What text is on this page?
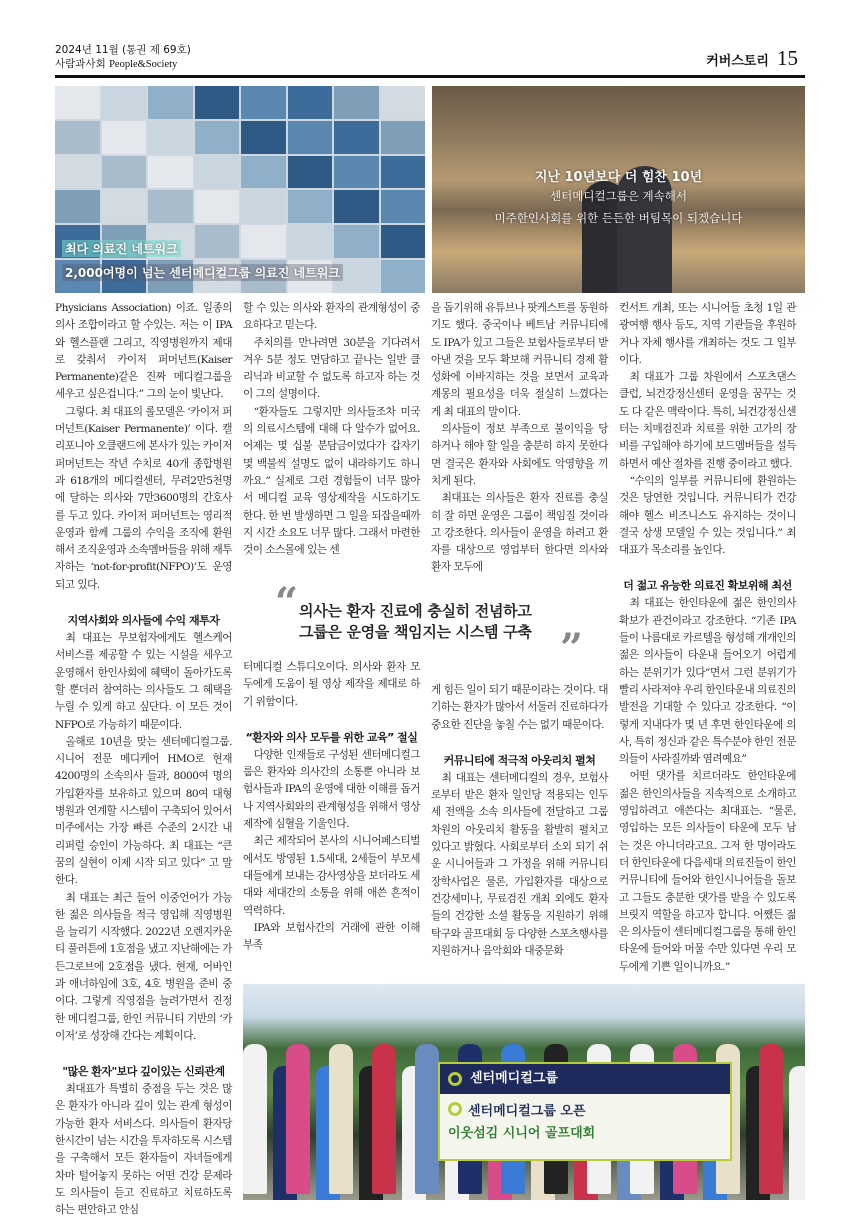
2024년 11월 (통권 제 69호)
사람과사회 People&Society	커버스토리 15
최다 의료진 네트워크
2,000여명이 넘는 센터메디컬그룹 의료진 네트워크
지난 10년보다 더 힘찬 10년
센터메디컬그룹은 계속해서
미주한인사회를 위한 든든한 버팀목이 되겠습니다

Physicians Association) 이죠. 일종의 의사 조합이라고 할 수있는. 저는 이 IPA와 헬스플랜 그리고, 직영병원까지 제대로 갖춰서 카이저 퍼머넌트(Kaiser Permanente)같은 진짜 메디컬그룹을 세우고 싶은겁니다.” 그의 눈이 빛난다.

그렇다. 최 대표의 롤모델은 ‘카이저 퍼머넌트(Kaiser Permanente)’ 이다. 캘리포니아 오클랜드에 본사가 있는 카이저 퍼머넌트는 작년 수치로 40개 종합병원과 618개의 메디컬센터, 무려2만5천명에 달하는 의사와 7만3600명의 간호사를 두고 있다. 카이저 퍼머넌트는 영리적 운영과 함께 그룹의 수익을 조직에 환원해서 조직운영과 소속멤버들을 위해 재투자하는 ‘not-for-profit(NFPO)’도 운영되고 있다.

지역사회와 의사들에 수익 재투자

최 대표는 무보험자에게도 헬스케어 서비스를 제공할 수 있는 시설을 세우고 운영해서 한인사회에 혜택이 돌아가도록 할 뿐더러 참여하는 의사들도 그 혜택을 누릴 수 있게 하고 싶단다. 이 모든 것이NFPO로 가능하기 때문이다.

올해로 10년을 맞는 센터메디컬그룹. 시니어 전문 메디케어 HMO로 현재 4200명의 소속의사 들과, 8000여 명의 가입환자를 보유하고 있으며 80여 대형병원과 연계할 시스템이 구축되어 있어서 미주에서는 가장 빠른 수준의 2시간 내 리퍼럴 승인이 가능하다. 최 대표는 “큰 꿈의 실현이 이제 시작 되고 있다” 고 말한다.

최 대표는 최근 들어 이중언어가 가능한 젊은 의사들을 적극 영입해 직영병원을 늘리기 시작했다. 2022년 오렌지카운티 풀러튼에 1호점을 냈고 지난해에는 가든그로브에 2호점을 냈다. 현재, 어바인과 애너하임에 3호, 4호 병원을 준비 중이다. 그렇게 직영점을 늘려가면서 진정한 메디컬그룹, 한인 커뮤니티 기반의 ‘카이저’로 성장해 간다는 계획이다.

"많은 환자"보다 깊이있는 신뢰관계

최대표가 특별히 중점을 두는 것은 많은 환자가 아니라 깊이 있는 관계 형성이 가능한 환자 서비스다. 의사들이 환자당 한시간이 넘는 시간을 투자하도록 시스템을 구축해서 모든 환자들이 자녀들에게 차마 털어놓지 못하는 어떤 건강 문제라도 의사들이 듣고 진료하고 치료하도록 하는 편안하고 안심

할 수 있는 의사와 환자의 관계형성이 중요하다고 믿는다.

주치의를 만나려면 30분을 기다려서 겨우 5분 정도 면담하고 끝나는 일반 클리닉과 비교할 수 없도록 하고자 하는 것이 그의 설명이다.

“환자들도 그렇지만 의사들조차 미국의 의료시스템에 대해 다 알수가 없어요. 어제는 몇 십불 분담금이었다가 갑자기 몇 백불씩 설명도 없이 내라하기도 하니까요.” 실제로 그런 경험들이 너무 많아서 메디컬 교육 영상제작을 시도하기도 한다. 한 번 발생하면 그 일을 되잡을때까지 시간 소요도 너무 많다. 그래서 마련한 것이 소스몰에 있는 센

을 돕기위해 유튜브나 팟케스트를 동원하기도 했다. 중국이나 베트남 커뮤니티에도 IPA가 있고 그들은 보험사들로부터 받아낸 것을 모두 확보해 커뮤니티 경제 활성화에 이바지하는 것을 보면서 교육과 계몽의 필요성을 더욱 절실히 느꼈다는 게 최 대표의 말이다.

의사들이 정보 부족으로 불이익을 당하거나 해야 할 일을 충분히 하지 못한다면 결국은 환자와 사회에도 악영향을 끼치게 된다.

최대표는 의사들은 환자 진료를 충실히 잘 하면 운영은 그룹이 책임질 것이라고 강조한다. 의사들이 운영을 하려고 환자를 대상으로 영업부터 한다면 의사와 환자 모두에

“ 의사는 환자 진료에 충실히 전념하고
그룹은 운영을 책임지는 시스템 구축 ”

터메디컬 스튜디오이다. 의사와 환자 모두에게 도움이 될 영상 제작을 제대로 하기 위함이다.

“환자와 의사 모두를 위한 교육” 절실

다양한 인재들로 구성된 센터메디컬그룹은 환자와 의사간의 소통뿐 아니라 보험사들과 IPA의 운영에 대한 이해를 돕거나 지역사회와의 관계형성을 위해서 영상제작에 심혈을 기울인다.

최근 제작되어 본사의 시니어페스티벌에서도 방영된 1.5세대, 2세들이 부모세대들에게 보내는 감사영상을 보더라도 세대와 세대간의 소통을 위해 애쓴 흔적이 역력하다.

IPA와 보험사간의 거래에 관한 이해 부족

게 힘든 일이 되기 때문이라는 것이다. 대기하는 환자가 많아서 서둘러 진료하다가 중요한 진단을 놓칠 수는 없기 때문이다.

커뮤니티에 적극적 아웃리치 펼쳐

최 대표는 센터메디컬의 경우, 보험사로부터 받은 환자 일인당 적용되는 인두세 전액을 소속 의사들에 전달하고 그룹차원의 아웃리치 활동을 활발히 펼치고 있다고 밝혔다. 사회로부터 소외 되기 쉬운 시니어들과 그 가정을 위해 커뮤니티 장학사업은 물론, 가입환자를 대상으로 건강세미나, 무료검진 개최 외에도 환자들의 건강한 소셜 활동을 지원하기 위해 탁구와 골프대회 등 다양한 스포츠행사를 지원하거나 음악회와 대중문화

컨서트 개최, 또는 시니어들 초청 1일 관광여행 행사 등도, 지역 기관들을 후원하거나 자체 행사를 개최하는 것도 그 일부이다.

최 대표가 그룹 차원에서 스포츠댄스클럽, 뇌건강정신센터 운영을 꿈꾸는 것도 다 같은 맥락이다. 특히, 뇌건강정신센터는 치매검진과 치료를 위한 고가의 장비를 구입해야 하기에 보드멤버들을 설득하면서 예산 절차를 진행 중이라고 했다.

“수익의 일부를 커뮤니티에 환원하는 것은 당연한 것입니다. 커뮤니티가 건강해야 헬스 비즈니스도 유지하는 것이니 결국 상생 모델일 수 있는 것입니다.” 최대표가 목소리를 높인다.

더 젊고 유능한 의료진 확보위해 최선

최 대표는 한인타운에 젊은 한인의사 확보가 관건이라고 강조한다. “기존 IPA들이 나름대로 카르텔을 형성해 개개인의 젊은 의사들이 타운내 들어오기 어렵게 하는 분위기가 있다”면서 그런 분위기가 빨리 사라져야 우리 한인타운내 의료진의 발전을 기대할 수 있다고 강조한다. “이렇게 지내다가 몇 년 후면 한인타운에 의사, 특히 정신과 같은 특수분야 한인 전문의들이 사라질까봐 염려예요”

어떤 댓가를 치르더라도 한인타운에 젊은 한인의사들을 지속적으로 소개하고 영입하려고 애쓴다는 최대표는. “물론, 영입하는 모든 의사들이 타운에 모두 남는 것은 아니더라고요. 그저 한 명이라도 더 한인타운에 다음세대 의료진들이 한인 커뮤니티에 들어와 한인시니어들을 돌보고 그들도 충분한 댓가를 받을 수 있도록 브릿지 역할을 하고자 합니다. 어쨌든 젊은 의사들이 센터메디컬그룹을 통해 한인타운에 들어와 머물 수만 있다면 우리 모두에게 기쁜 일이니까요.”

센터메디컬그룹
센터메디컬그룹 오픈
이웃섬김 시니어 골프대회
